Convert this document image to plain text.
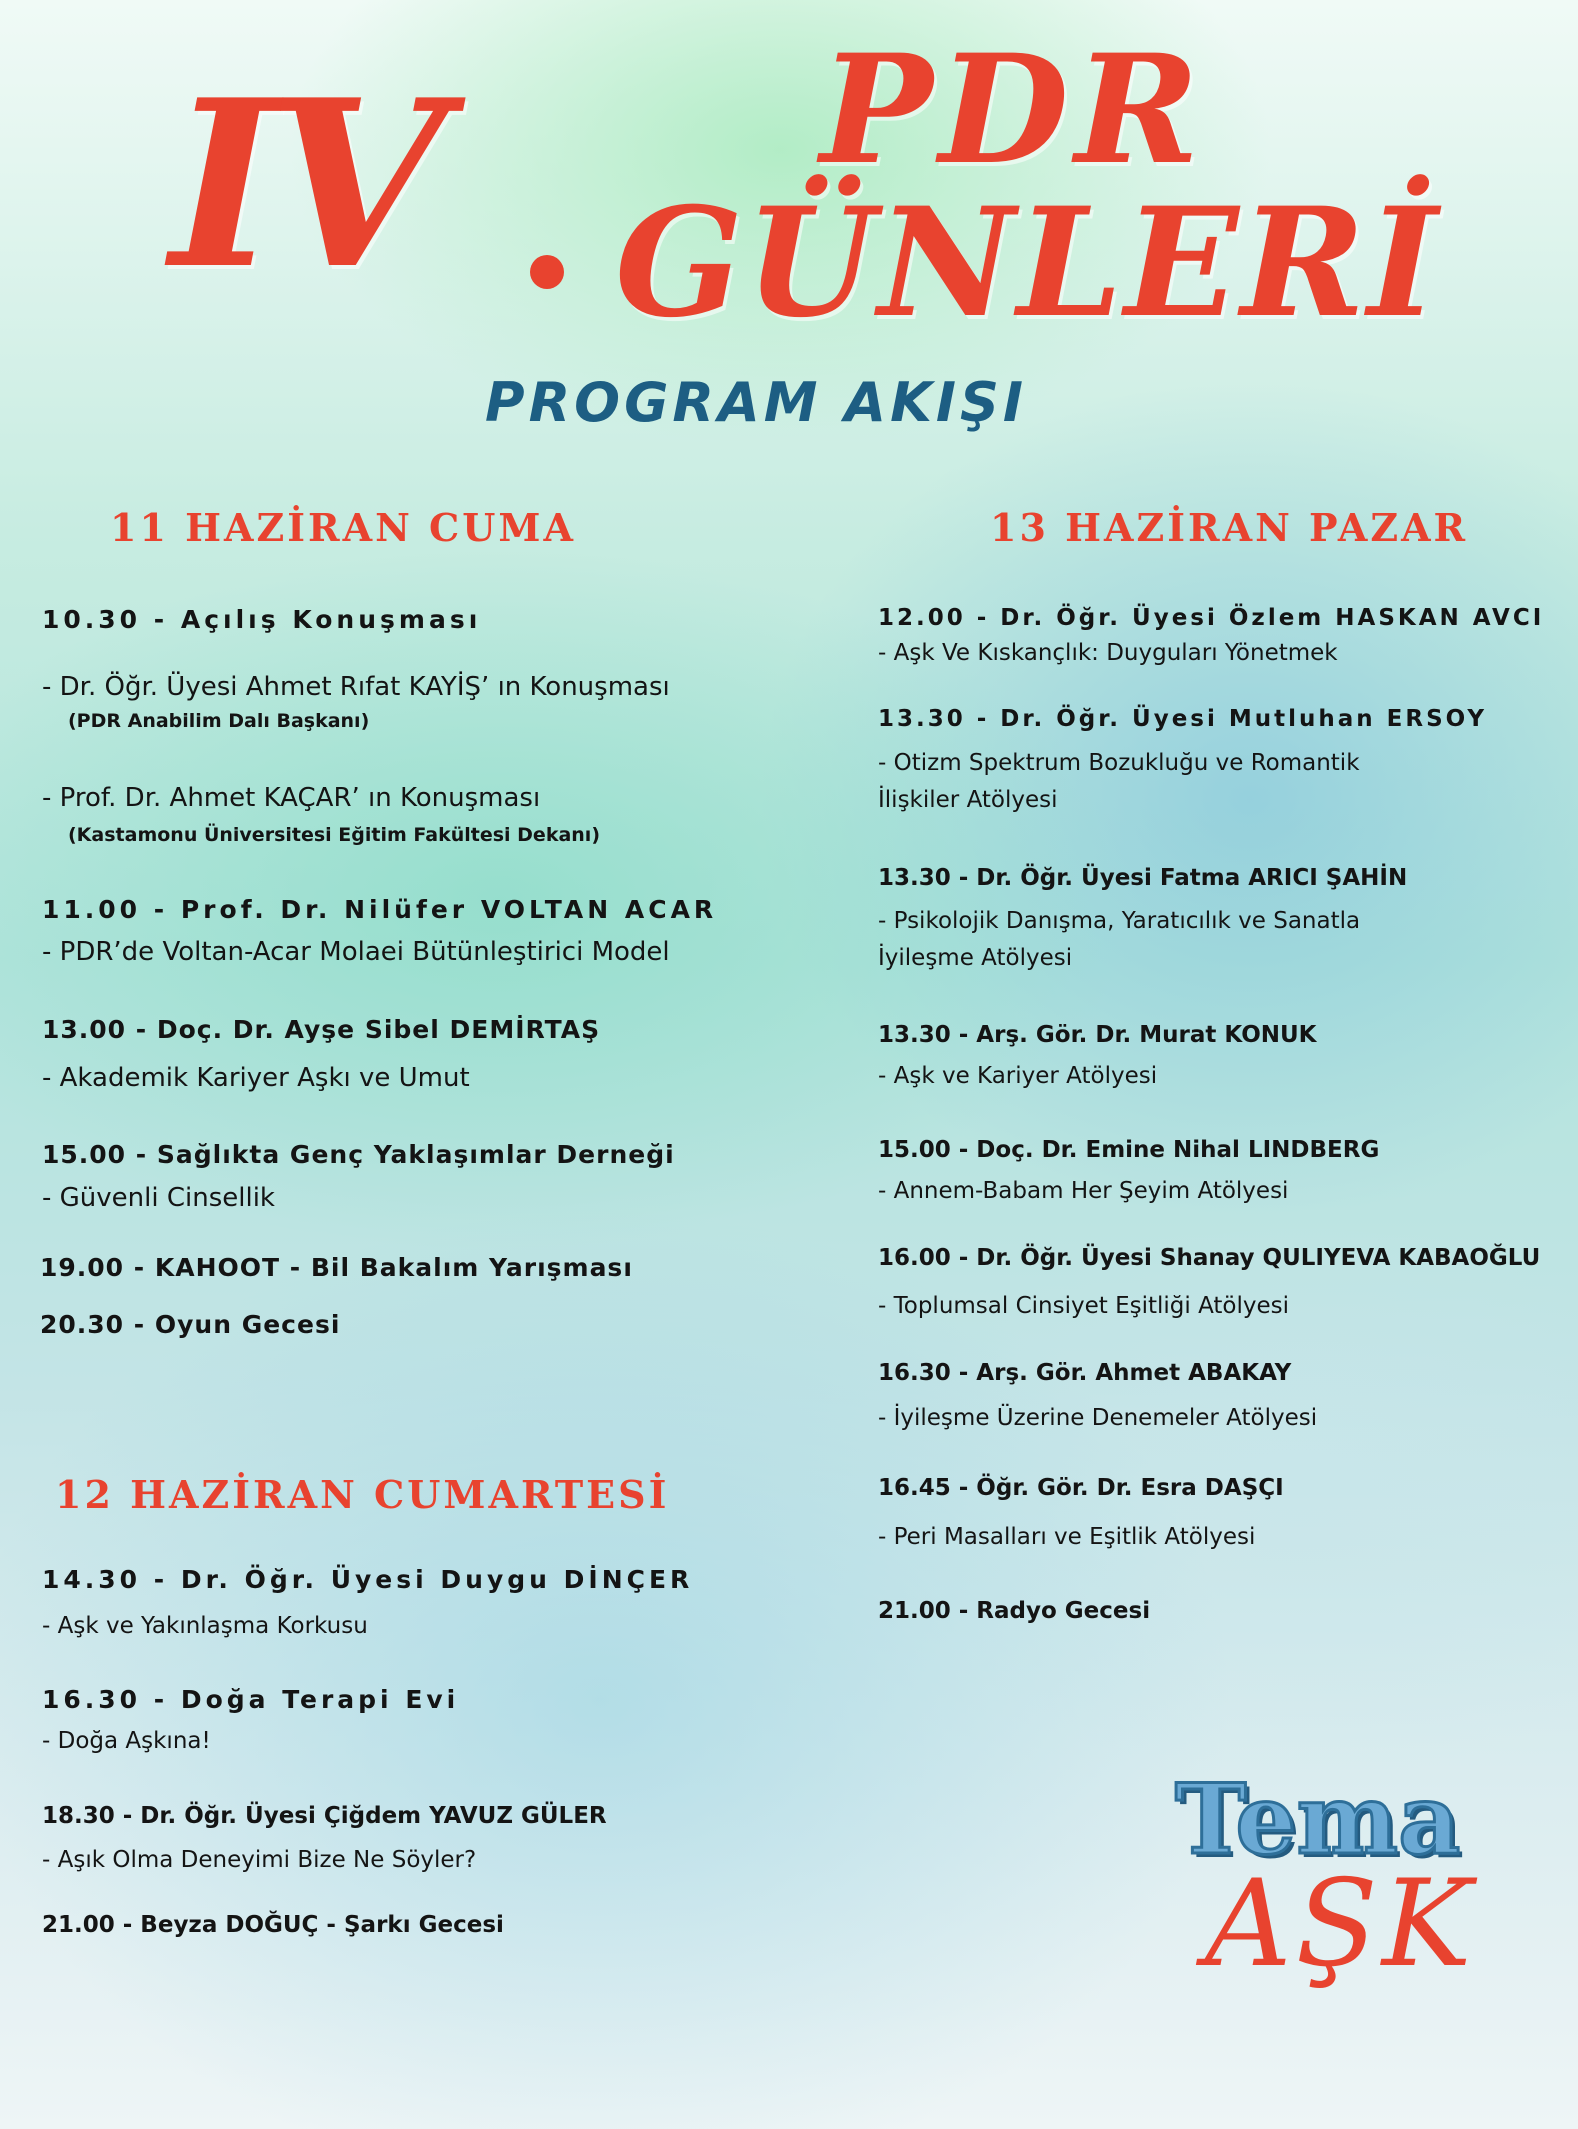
IV	PDR
GÜNLERİ
PROGRAM AKIŞI
11 HAZİRAN CUMA
10.30 - Açılış Konuşması
- Dr. Öğr. Üyesi Ahmet Rıfat KAYİŞ’ ın Konuşması
(PDR Anabilim Dalı Başkanı)
- Prof. Dr. Ahmet KAÇAR’ ın Konuşması
(Kastamonu Üniversitesi Eğitim Fakültesi Dekanı)
11.00 - Prof. Dr. Nilüfer VOLTAN ACAR
- PDR’de Voltan-Acar Molaei Bütünleştirici Model
13.00 - Doç. Dr. Ayşe Sibel DEMİRTAŞ
- Akademik Kariyer Aşkı ve Umut
15.00 - Sağlıkta Genç Yaklaşımlar Derneği
- Güvenli Cinsellik
19.00 - KAHOOT - Bil Bakalım Yarışması
20.30 - Oyun Gecesi
12 HAZİRAN CUMARTESİ
14.30 - Dr. Öğr. Üyesi Duygu DİNÇER
- Aşk ve Yakınlaşma Korkusu
16.30 - Doğa Terapi Evi
- Doğa Aşkına!
18.30 - Dr. Öğr. Üyesi Çiğdem YAVUZ GÜLER
- Aşık Olma Deneyimi Bize Ne Söyler?
21.00 - Beyza DOĞUÇ - Şarkı Gecesi
13 HAZİRAN PAZAR
12.00 - Dr. Öğr. Üyesi Özlem HASKAN AVCI
- Aşk Ve Kıskançlık: Duyguları Yönetmek
13.30 - Dr. Öğr. Üyesi Mutluhan ERSOY
- Otizm Spektrum Bozukluğu ve Romantik
İlişkiler Atölyesi
13.30 - Dr. Öğr. Üyesi Fatma ARICI ŞAHİN
- Psikolojik Danışma, Yaratıcılık ve Sanatla
İyileşme Atölyesi
13.30 - Arş. Gör. Dr. Murat KONUK
- Aşk ve Kariyer Atölyesi
15.00 - Doç. Dr. Emine Nihal LINDBERG
- Annem-Babam Her Şeyim Atölyesi
16.00 - Dr. Öğr. Üyesi Shanay QULIYEVA KABAOĞLU
- Toplumsal Cinsiyet Eşitliği Atölyesi
16.30 - Arş. Gör. Ahmet ABAKAY
- İyileşme Üzerine Denemeler Atölyesi
16.45 - Öğr. Gör. Dr. Esra DAŞÇI
- Peri Masalları ve Eşitlik Atölyesi
21.00 - Radyo Gecesi
Tema
AŞK
